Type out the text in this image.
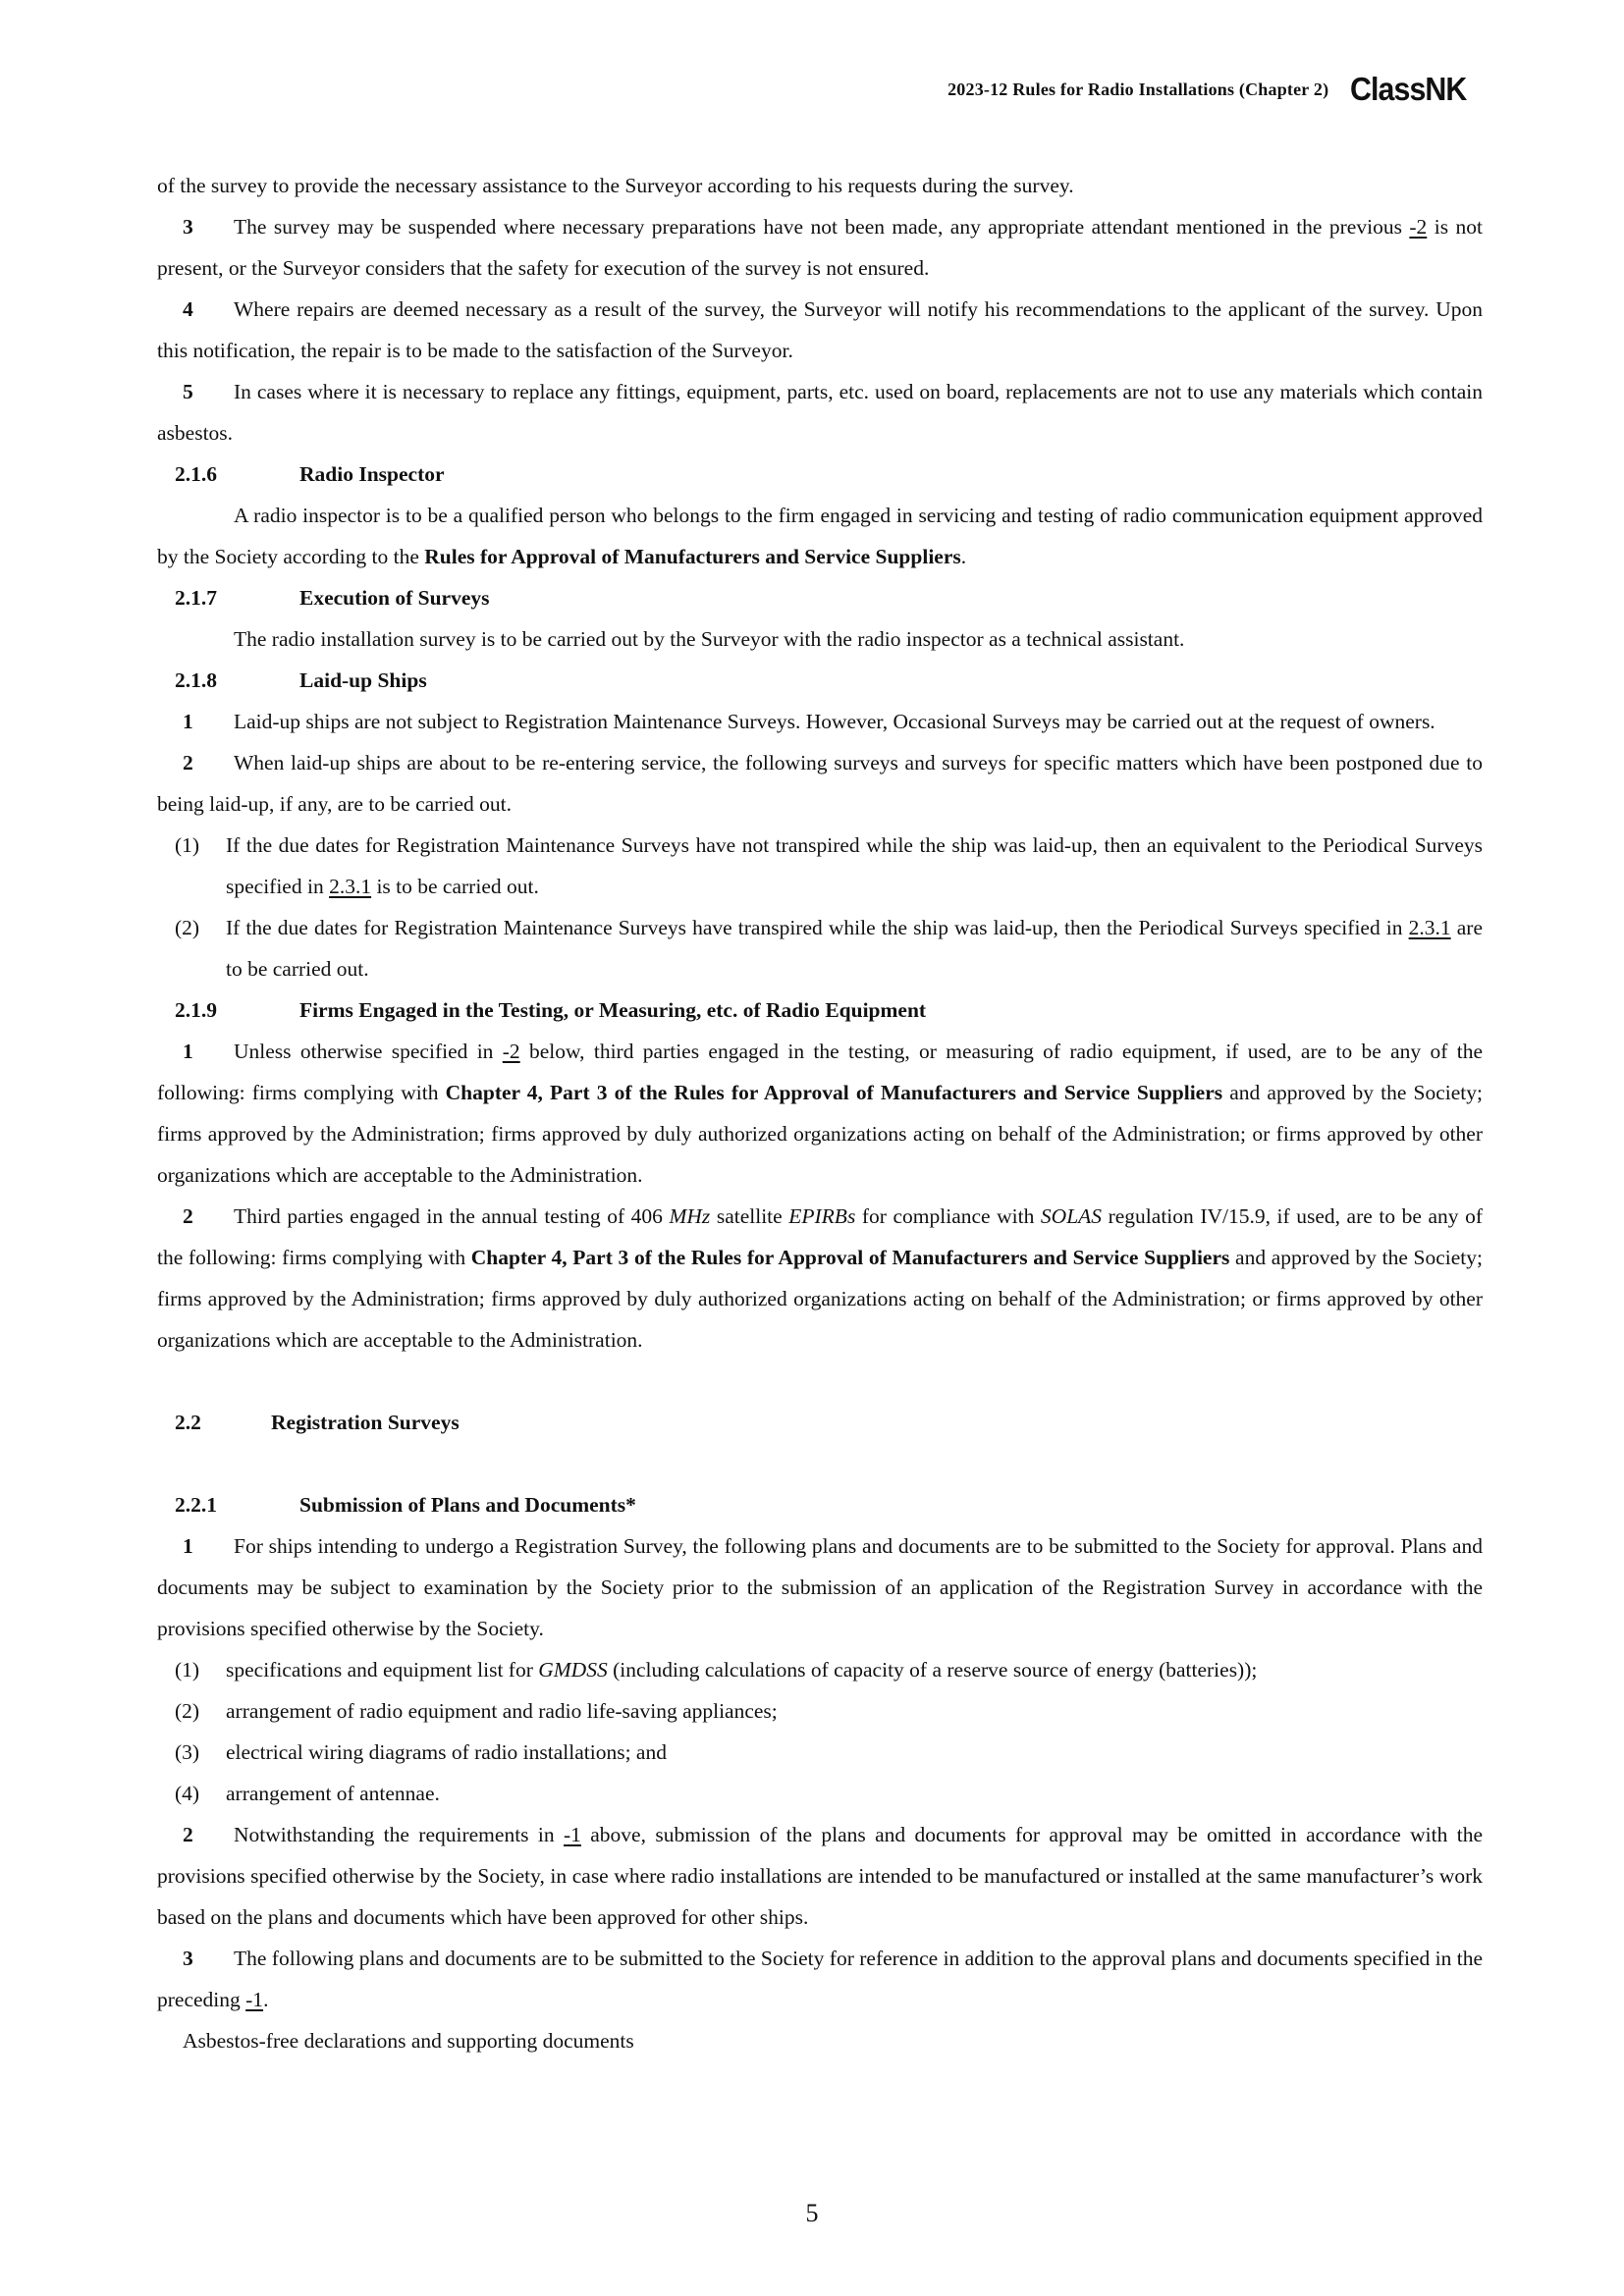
2023-12 Rules for Radio Installations (Chapter 2) ClassNK

of the survey to provide the necessary assistance to the Surveyor according to his requests during the survey.

3 The survey may be suspended where necessary preparations have not been made, any appropriate attendant mentioned in the previous -2 is not present, or the Surveyor considers that the safety for execution of the survey is not ensured.

4 Where repairs are deemed necessary as a result of the survey, the Surveyor will notify his recommendations to the applicant of the survey. Upon this notification, the repair is to be made to the satisfaction of the Surveyor.

5 In cases where it is necessary to replace any fittings, equipment, parts, etc. used on board, replacements are not to use any materials which contain asbestos.

2.1.6	Radio Inspector

A radio inspector is to be a qualified person who belongs to the firm engaged in servicing and testing of radio communication equipment approved by the Society according to the Rules for Approval of Manufacturers and Service Suppliers.

2.1.7	Execution of Surveys

The radio installation survey is to be carried out by the Surveyor with the radio inspector as a technical assistant.

2.1.8	Laid-up Ships

1 Laid-up ships are not subject to Registration Maintenance Surveys. However, Occasional Surveys may be carried out at the request of owners.

2 When laid-up ships are about to be re-entering service, the following surveys and surveys for specific matters which have been postponed due to being laid-up, if any, are to be carried out.

(1)	If the due dates for Registration Maintenance Surveys have not transpired while the ship was laid-up, then an equivalent to the Periodical Surveys specified in 2.3.1 is to be carried out.
(2)	If the due dates for Registration Maintenance Surveys have transpired while the ship was laid-up, then the Periodical Surveys specified in 2.3.1 are to be carried out.
2.1.9	Firms Engaged in the Testing, or Measuring, etc. of Radio Equipment

1 Unless otherwise specified in -2 below, third parties engaged in the testing, or measuring of radio equipment, if used, are to be any of the following: firms complying with Chapter 4, Part 3 of the Rules for Approval of Manufacturers and Service Suppliers and approved by the Society; firms approved by the Administration; firms approved by duly authorized organizations acting on behalf of the Administration; or firms approved by other organizations which are acceptable to the Administration.

2 Third parties engaged in the annual testing of 406 MHz satellite EPIRBs for compliance with SOLAS regulation IV/15.9, if used, are to be any of the following: firms complying with Chapter 4, Part 3 of the Rules for Approval of Manufacturers and Service Suppliers and approved by the Society; firms approved by the Administration; firms approved by duly authorized organizations acting on behalf of the Administration; or firms approved by other organizations which are acceptable to the Administration.

2.2	Registration Surveys
2.2.1	Submission of Plans and Documents*

1 For ships intending to undergo a Registration Survey, the following plans and documents are to be submitted to the Society for approval. Plans and documents may be subject to examination by the Society prior to the submission of an application of the Registration Survey in accordance with the provisions specified otherwise by the Society.

(1)	specifications and equipment list for GMDSS (including calculations of capacity of a reserve source of energy (batteries));
(2)	arrangement of radio equipment and radio life-saving appliances;
(3)	electrical wiring diagrams of radio installations; and
(4)	arrangement of antennae.

2 Notwithstanding the requirements in -1 above, submission of the plans and documents for approval may be omitted in accordance with the provisions specified otherwise by the Society, in case where radio installations are intended to be manufactured or installed at the same manufacturer’s work based on the plans and documents which have been approved for other ships.

3 The following plans and documents are to be submitted to the Society for reference in addition to the approval plans and documents specified in the preceding -1.

Asbestos-free declarations and supporting documents

5
